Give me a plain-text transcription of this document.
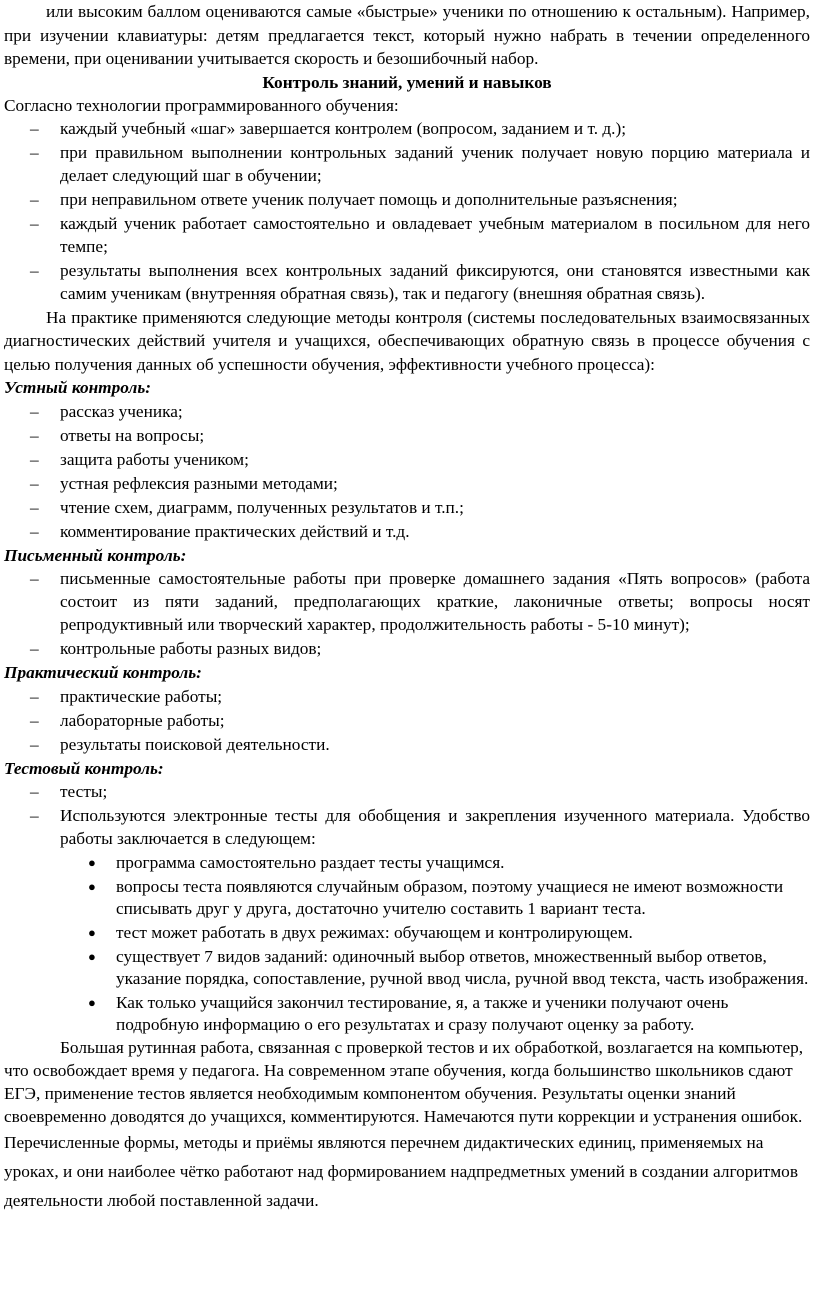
или высоким баллом оцениваются самые «быстрые» ученики по отношению к остальным). Например, при изучении клавиатуры: детям предлагается текст, который нужно набрать в течении определенного времени, при оценивании учитывается скорость и безошибочный набор.

Контроль знаний, умений и навыков

Согласно технологии программированного обучения:

– каждый учебный «шаг» завершается контролем (вопросом, заданием и т. д.);
– при правильном выполнении контрольных заданий ученик получает новую порцию материала и делает следующий шаг в обучении;
– при неправильном ответе ученик получает помощь и дополнительные разъяснения;
– каждый ученик работает самостоятельно и овладевает учебным материалом в посильном для него темпе;
– результаты выполнения всех контрольных заданий фиксируются, они становятся известными как самим ученикам (внутренняя обратная связь), так и педагогу (внешняя обратная связь).

На практике применяются следующие методы контроля (системы последовательных взаимосвязанных диагностических действий учителя и учащихся, обеспечивающих обратную связь в процессе обучения с целью получения данных об успешности обучения, эффективности учебного процесса):

Устный контроль:

– рассказ ученика;
– ответы на вопросы;
– защита работы учеником;
– устная рефлексия разными методами;
– чтение схем, диаграмм, полученных результатов и т.п.;
– комментирование практических действий и т.д.

Письменный контроль:

– письменные самостоятельные работы при проверке домашнего задания «Пять вопросов» (работа состоит из пяти заданий, предполагающих краткие, лаконичные ответы; вопросы носят репродуктивный или творческий характер, продолжительность работы - 5-10 минут);
– контрольные работы разных видов;

Практический контроль:

– практические работы;
– лабораторные работы;
– результаты поисковой деятельности.

Тестовый контроль:

– тесты;
– Используются электронные тесты для обобщения и закрепления изученного материала. Удобство работы заключается в следующем:
● программа самостоятельно раздает тесты учащимся.
● вопросы теста появляются случайным образом, поэтому учащиеся не имеют возможности списывать друг у друга, достаточно учителю составить 1 вариант теста.
● тест может работать в двух режимах: обучающем и контролирующем.
● существует 7 видов заданий: одиночный выбор ответов, множественный выбор ответов, указание порядка, сопоставление, ручной ввод числа, ручной ввод текста, часть изображения.
● Как только учащийся закончил тестирование, я, а также и ученики получают очень подробную информацию о его результатах и сразу получают оценку за работу.

Большая рутинная работа, связанная с проверкой тестов и их обработкой, возлагается на компьютер, что освобождает время у педагога. На современном этапе обучения, когда большинство школьников сдают ЕГЭ, применение тестов является необходимым компонентом обучения. Результаты оценки знаний своевременно доводятся до учащихся, комментируются. Намечаются пути коррекции и устранения ошибок.

Перечисленные формы, методы и приёмы являются перечнем дидактических единиц, применяемых на уроках, и они наиболее чётко работают над формированием надпредметных умений в создании алгоритмов деятельности любой поставленной задачи.
